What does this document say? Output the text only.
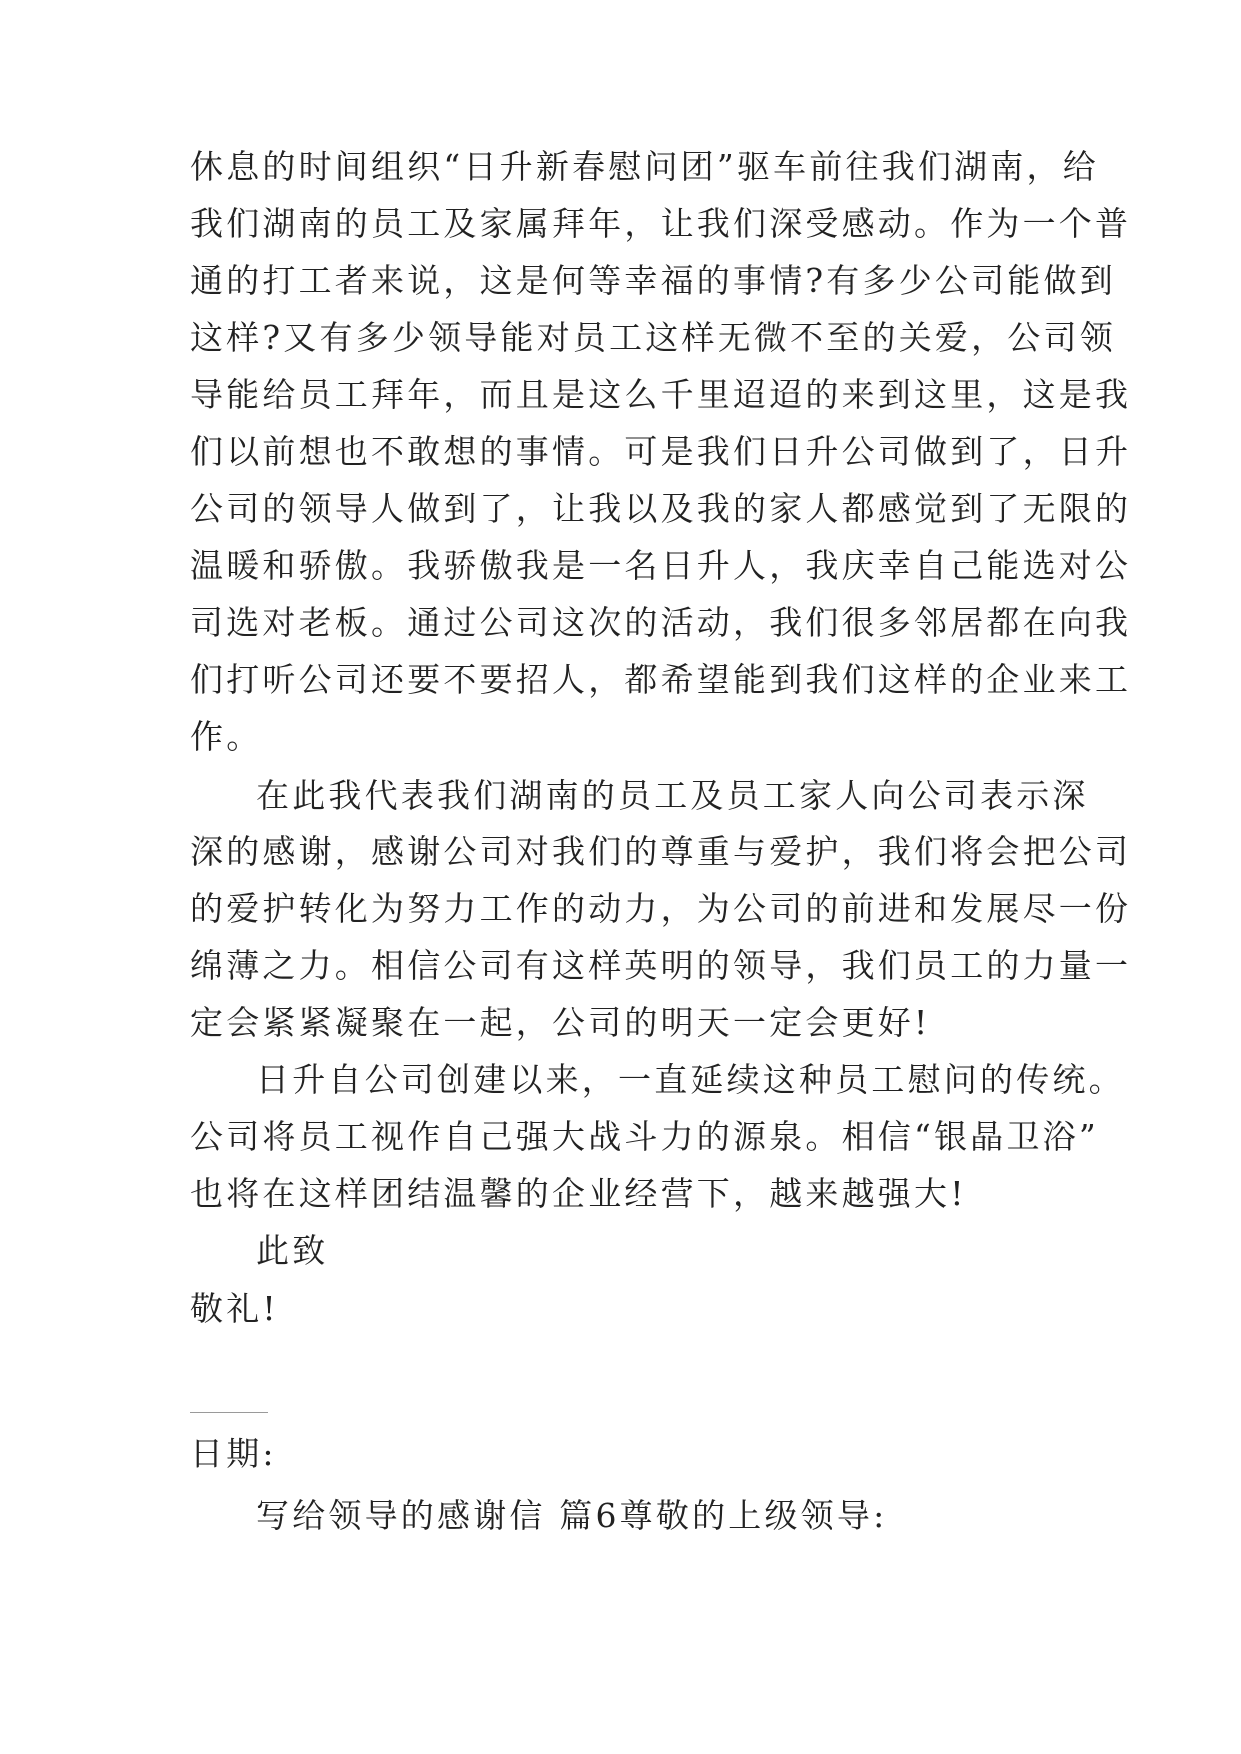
休息的时间组织“日升新春慰问团”驱车前往我们湖南，给
我们湖南的员工及家属拜年，让我们深受感动。作为一个普
通的打工者来说，这是何等幸福的事情?有多少公司能做到
这样?又有多少领导能对员工这样无微不至的关爱，公司领
导能给员工拜年，而且是这么千里迢迢的来到这里，这是我
们以前想也不敢想的事情。可是我们日升公司做到了，日升
公司的领导人做到了，让我以及我的家人都感觉到了无限的
温暖和骄傲。我骄傲我是一名日升人，我庆幸自己能选对公
司选对老板。通过公司这次的活动，我们很多邻居都在向我
们打听公司还要不要招人，都希望能到我们这样的企业来工
作。
在此我代表我们湖南的员工及员工家人向公司表示深
深的感谢，感谢公司对我们的尊重与爱护，我们将会把公司
的爱护转化为努力工作的动力，为公司的前进和发展尽一份
绵薄之力。相信公司有这样英明的领导，我们员工的力量一
定会紧紧凝聚在一起，公司的明天一定会更好!
日升自公司创建以来，一直延续这种员工慰问的传统。
公司将员工视作自己强大战斗力的源泉。相信“银晶卫浴”
也将在这样团结温馨的企业经营下，越来越强大!
此致
敬礼!
日期:
写给领导的感谢信 篇6尊敬的上级领导:
